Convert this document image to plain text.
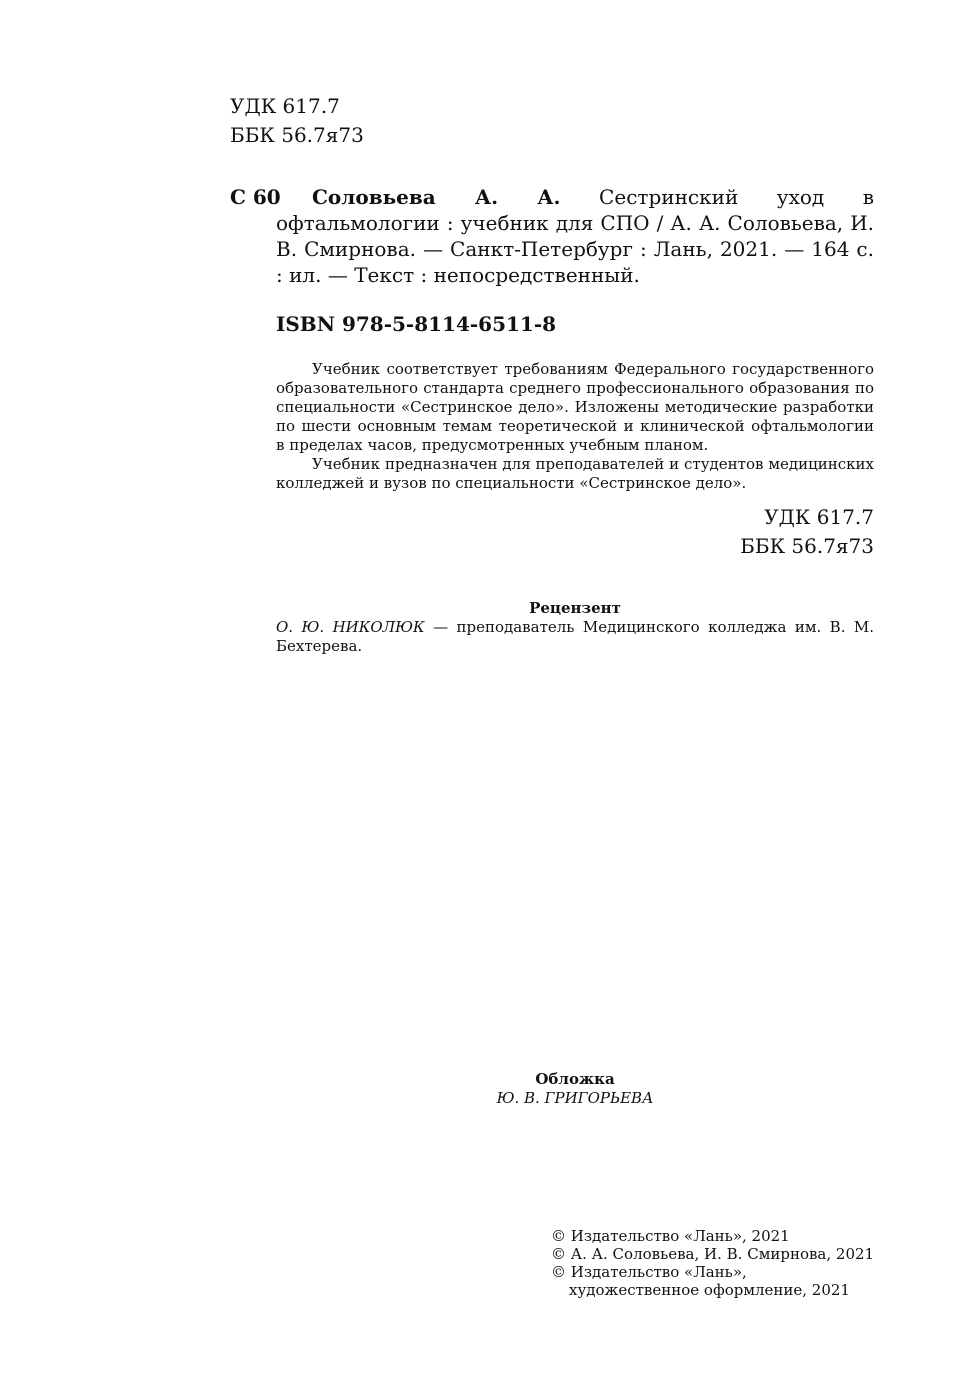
УДК 617.7
ББК 56.7я73
С 60	Соловьева А. А. Сестринский уход в офтальмологии : учебник для СПО / А. А. Соловьева, И. В. Смирнова. — Санкт-Петербург : Лань, 2021. — 164 с. : ил. — Текст : непосредственный.
ISBN 978-5-8114-6511-8

Учебник соответствует требованиям Федерального государственного образовательного стандарта среднего профессионального образования по специальности «Сестринское дело». Изложены методические разработки по шести основным темам теоретической и клинической офтальмологии в пределах часов, предусмотренных учебным планом.

Учебник предназначен для преподавателей и студентов медицинских колледжей и вузов по специальности «Сестринское дело».

УДК 617.7
ББК 56.7я73
Рецензент
О. Ю. НИКОЛЮК — преподаватель Медицинского колледжа им. В. М. Бехтерева.
Обложка
Ю. В. ГРИГОРЬЕВА
© Издательство «Лань», 2021
© А. А. Соловьева, И. В. Смирнова, 2021
© Издательство «Лань»,
художественное оформление, 2021
